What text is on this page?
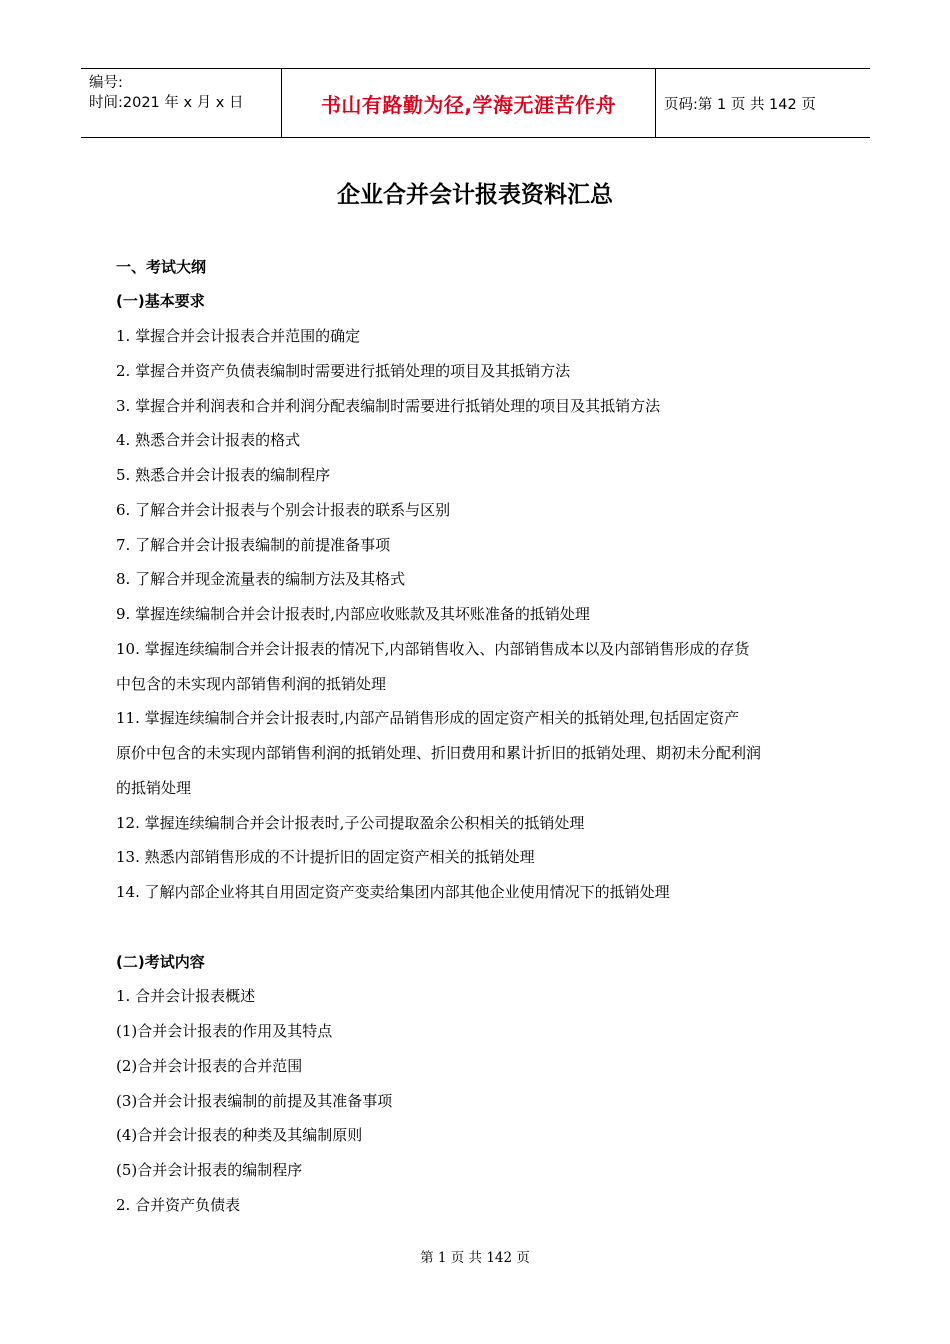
编号:
时间:2021 年 x 月 x 日	书山有路勤为径,学海无涯苦作舟	页码:第 1 页 共 142 页
企业合并会计报表资料汇总
一、考试大纲
(一)基本要求
1. 掌握合并会计报表合并范围的确定
2. 掌握合并资产负债表编制时需要进行抵销处理的项目及其抵销方法
3. 掌握合并利润表和合并利润分配表编制时需要进行抵销处理的项目及其抵销方法
4. 熟悉合并会计报表的格式
5. 熟悉合并会计报表的编制程序
6. 了解合并会计报表与个别会计报表的联系与区别
7. 了解合并会计报表编制的前提准备事项
8. 了解合并现金流量表的编制方法及其格式
9. 掌握连续编制合并会计报表时,内部应收账款及其坏账准备的抵销处理
10. 掌握连续编制合并会计报表的情况下,内部销售收入、内部销售成本以及内部销售形成的存货
中包含的未实现内部销售利润的抵销处理
11. 掌握连续编制合并会计报表时,内部产品销售形成的固定资产相关的抵销处理,包括固定资产
原价中包含的未实现内部销售利润的抵销处理、折旧费用和累计折旧的抵销处理、期初未分配利润
的抵销处理
12. 掌握连续编制合并会计报表时,子公司提取盈余公积相关的抵销处理
13. 熟悉内部销售形成的不计提折旧的固定资产相关的抵销处理
14. 了解内部企业将其自用固定资产变卖给集团内部其他企业使用情况下的抵销处理
(二)考试内容
1. 合并会计报表概述
(1)合并会计报表的作用及其特点
(2)合并会计报表的合并范围
(3)合并会计报表编制的前提及其准备事项
(4)合并会计报表的种类及其编制原则
(5)合并会计报表的编制程序
2. 合并资产负债表
第 1 页 共 142 页
